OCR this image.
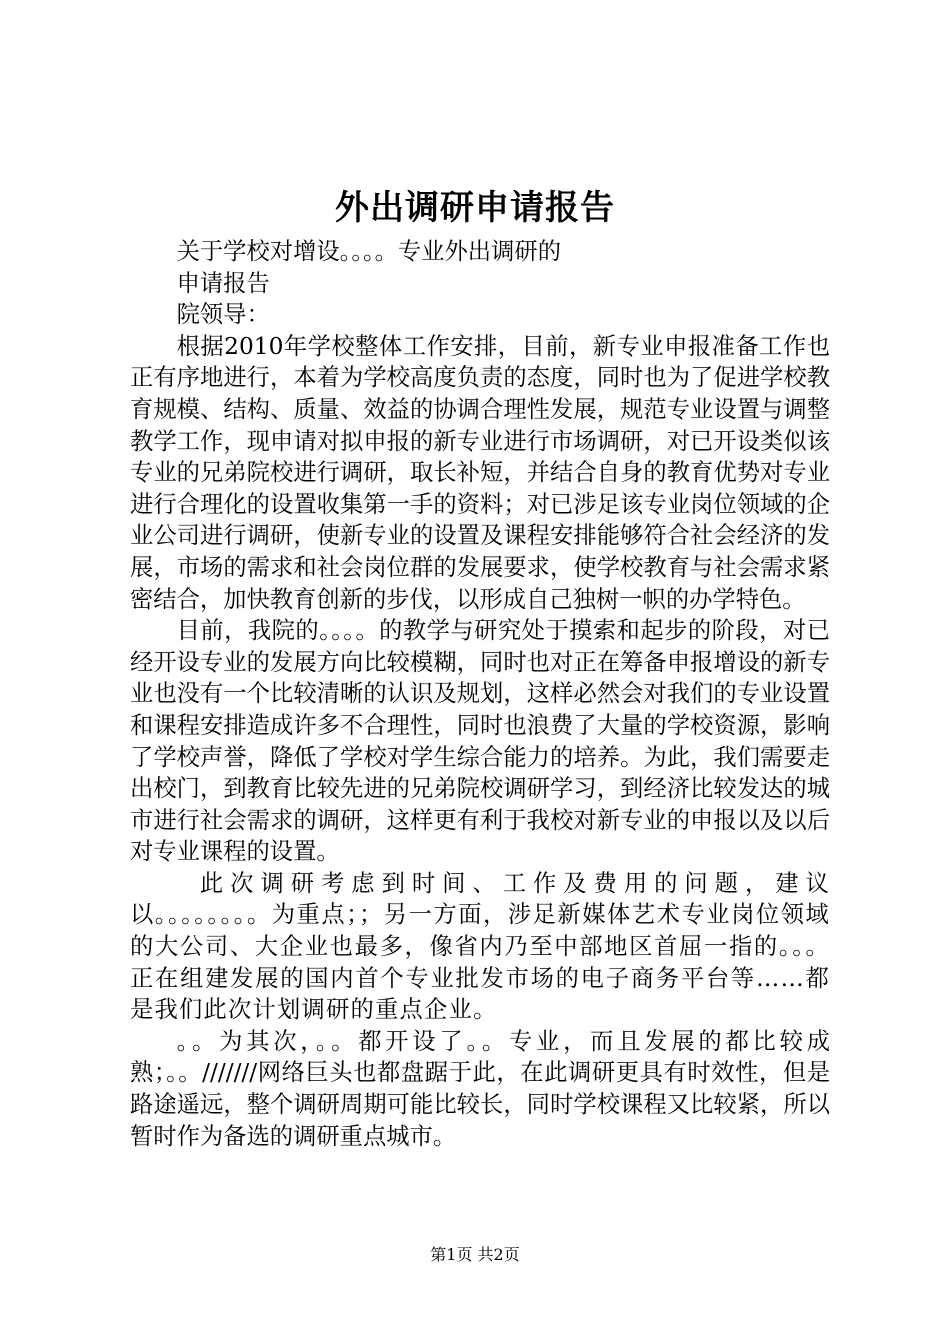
外出调研申请报告

关于学校对增设。。。。专业外出调研的

申请报告

院领导：

根据2010年学校整体工作安排，目前，新专业申报准备工作也正有序地进行，本着为学校高度负责的态度，同时也为了促进学校教育规模、结构、质量、效益的协调合理性发展，规范专业设置与调整教学工作，现申请对拟申报的新专业进行市场调研，对已开设类似该专业的兄弟院校进行调研，取长补短，并结合自身的教育优势对专业进行合理化的设置收集第一手的资料；对已涉足该专业岗位领域的企业公司进行调研，使新专业的设置及课程安排能够符合社会经济的发展，市场的需求和社会岗位群的发展要求，使学校教育与社会需求紧密结合，加快教育创新的步伐，以形成自己独树一帜的办学特色。

目前，我院的。。。。的教学与研究处于摸索和起步的阶段，对已经开设专业的发展方向比较模糊，同时也对正在筹备申报增设的新专业也没有一个比较清晰的认识及规划，这样必然会对我们的专业设置和课程安排造成许多不合理性，同时也浪费了大量的学校资源，影响了学校声誉，降低了学校对学生综合能力的培养。为此，我们需要走出校门，到教育比较先进的兄弟院校调研学习，到经济比较发达的城市进行社会需求的调研，这样更有利于我校对新专业的申报以及以后对专业课程的设置。

此次调研考虑到时间、工作及费用的问题，建议以。。。。。。。。为重点；；另一方面，涉足新媒体艺术专业岗位领域的大公司、大企业也最多，像省内乃至中部地区首屈一指的。。。正在组建发展的国内首个专业批发市场的电子商务平台等……都是我们此次计划调研的重点企业。

。。为其次，。。都开设了。。专业，而且发展的都比较成熟；。。///////网络巨头也都盘踞于此，在此调研更具有时效性，但是路途遥远，整个调研周期可能比较长，同时学校课程又比较紧，所以暂时作为备选的调研重点城市。

第1页 共2页
